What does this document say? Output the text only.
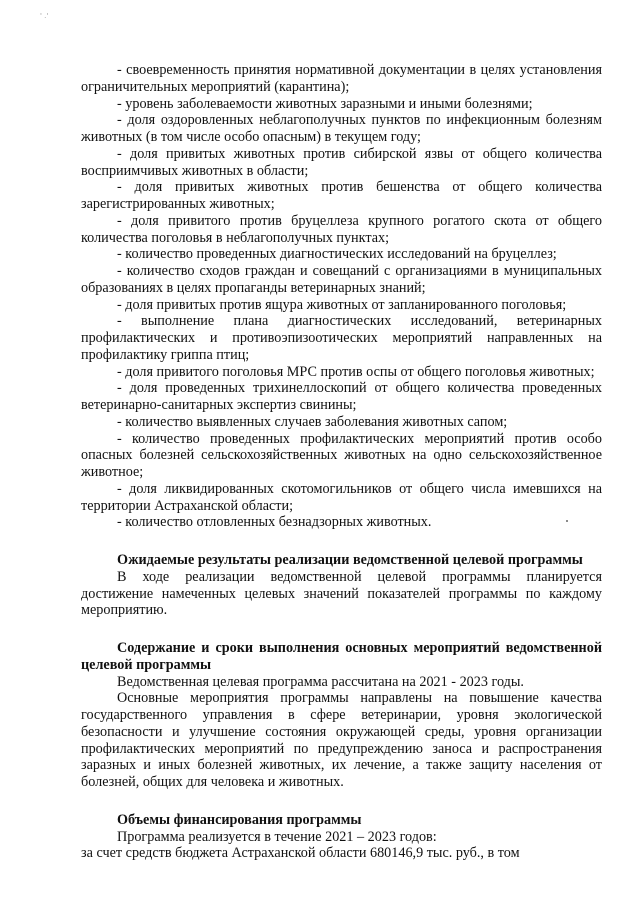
' .'

- своевременность принятия нормативной документации в целях установления ограничительных мероприятий (карантина);

- уровень заболеваемости животных заразными и иными болезнями;

- доля оздоровленных неблагополучных пунктов по инфекционным болезням животных (в том числе особо опасным) в текущем году;

- доля привитых животных против сибирской язвы от общего количества восприимчивых животных в области;

- доля привитых животных против бешенства от общего количества зарегистрированных животных;

- доля привитого против бруцеллеза крупного рогатого скота от общего количества поголовья в неблагополучных пунктах;

- количество проведенных диагностических исследований на бруцеллез;

- количество сходов граждан и совещаний с организациями в муниципальных образованиях в целях пропаганды ветеринарных знаний;

- доля привитых против ящура животных от запланированного поголовья;

- выполнение плана диагностических исследований, ветеринарных профилактических и противоэпизоотических мероприятий направленных на профилактику гриппа птиц;

- доля привитого поголовья МРС против оспы от общего поголовья животных;

- доля проведенных трихинеллоскопий от общего количества проведенных ветеринарно-санитарных экспертиз свинины;

- количество выявленных случаев заболевания животных сапом;

- количество проведенных профилактических мероприятий против особо опасных болезней сельскохозяйственных животных на одно сельскохозяйственное животное;

- доля ликвидированных скотомогильников от общего числа имевшихся на территории Астраханской области;

- количество отловленных безнадзорных животных.

Ожидаемые результаты реализации ведомственной целевой программы

В ходе реализации ведомственной целевой программы планируется достижение намеченных целевых значений показателей программы по каждому мероприятию.

Содержание и сроки выполнения основных мероприятий ведомственной целевой программы

Ведомственная целевая программа рассчитана на 2021 - 2023 годы.

Основные мероприятия программы направлены на повышение качества государственного управления в сфере ветеринарии, уровня экологической безопасности и улучшение состояния окружающей среды, уровня организации профилактических мероприятий по предупреждению заноса и распространения заразных и иных болезней животных, их лечение, а также защиту населения от болезней, общих для человека и животных.

Объемы финансирования программы

Программа реализуется в течение 2021 – 2023 годов:

за счет средств бюджета Астраханской области 680146,9 тыс. руб., в том
